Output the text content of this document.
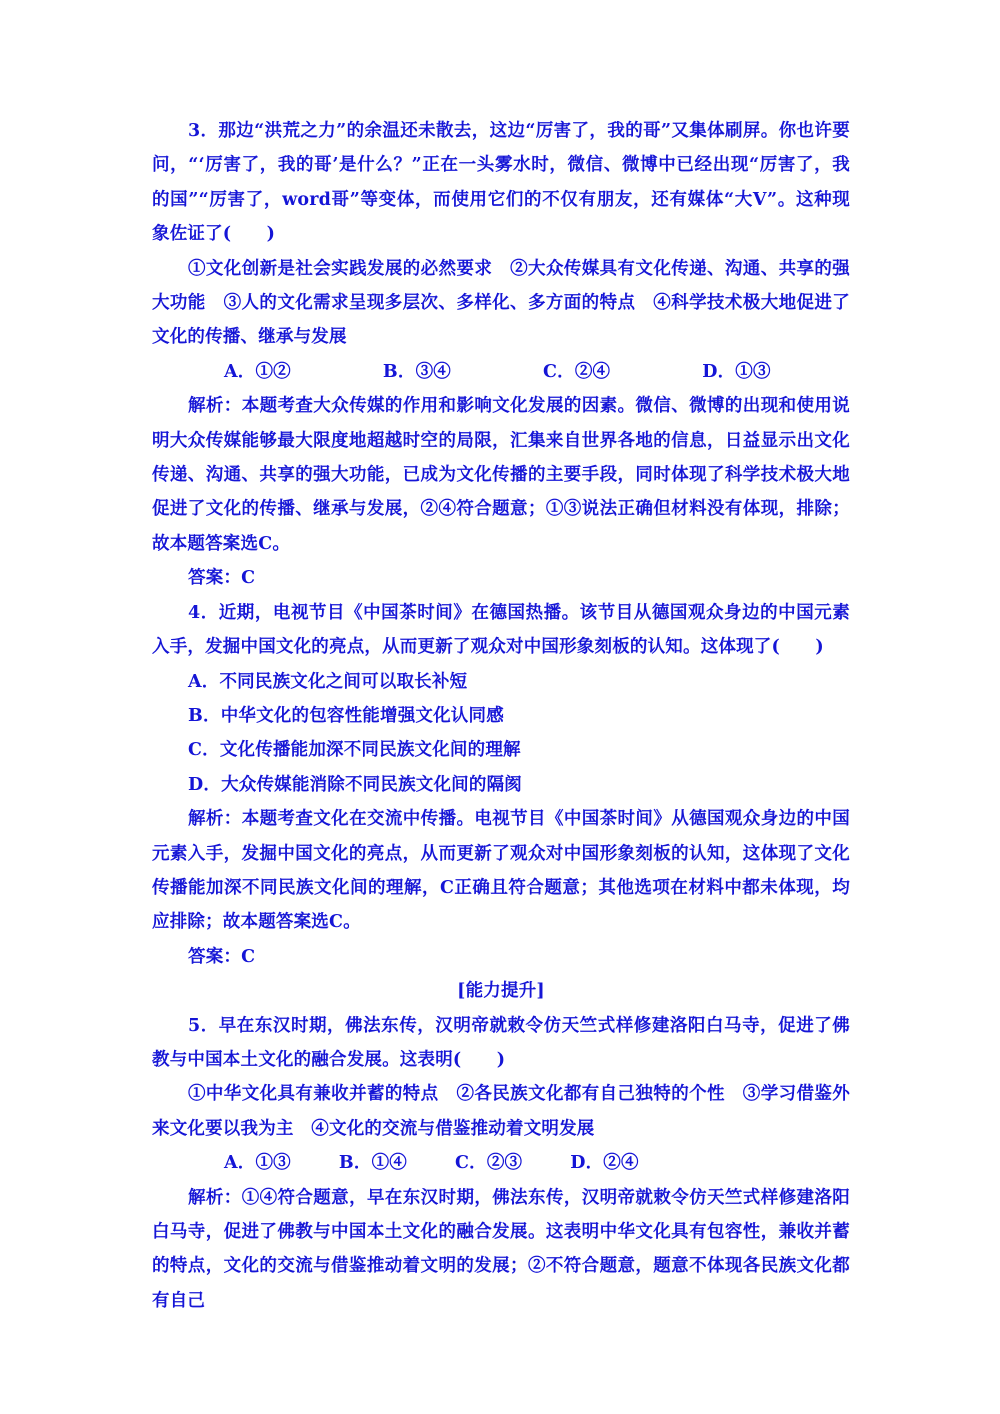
3．那边“洪荒之力”的余温还未散去，这边“厉害了，我的哥”又集体刷屏。你也许要问，“‘厉害了，我的哥’是什么？”正在一头雾水时，微信、微博中已经出现“厉害了，我的国”“厉害了，word哥”等变体，而使用它们的不仅有朋友，还有媒体“大V”。这种现象佐证了(　　)

①文化创新是社会实践发展的必然要求　②大众传媒具有文化传递、沟通、共享的强大功能　③人的文化需求呈现多层次、多样化、多方面的特点　④科学技术极大地促进了文化的传播、继承与发展

A．①②	B．③④	C．②④	D．①③

解析：本题考查大众传媒的作用和影响文化发展的因素。微信、微博的出现和使用说明大众传媒能够最大限度地超越时空的局限，汇集来自世界各地的信息，日益显示出文化传递、沟通、共享的强大功能，已成为文化传播的主要手段，同时体现了科学技术极大地促进了文化的传播、继承与发展，②④符合题意；①③说法正确但材料没有体现，排除；故本题答案选C。

答案：C

4．近期，电视节目《中国茶时间》在德国热播。该节目从德国观众身边的中国元素入手，发掘中国文化的亮点，从而更新了观众对中国形象刻板的认知。这体现了(　　)

A．不同民族文化之间可以取长补短

B．中华文化的包容性能增强文化认同感

C．文化传播能加深不同民族文化间的理解

D．大众传媒能消除不同民族文化间的隔阂

解析：本题考查文化在交流中传播。电视节目《中国茶时间》从德国观众身边的中国元素入手，发掘中国文化的亮点，从而更新了观众对中国形象刻板的认知，这体现了文化传播能加深不同民族文化间的理解，C正确且符合题意；其他选项在材料中都未体现，均应排除；故本题答案选C。

答案：C

[能力提升]

5．早在东汉时期，佛法东传，汉明帝就敕令仿天竺式样修建洛阳白马寺，促进了佛教与中国本土文化的融合发展。这表明(　　)

①中华文化具有兼收并蓄的特点　②各民族文化都有自己独特的个性　③学习借鉴外来文化要以我为主　④文化的交流与借鉴推动着文明发展

A．①③	B．①④	C．②③	D．②④

解析：①④符合题意，早在东汉时期，佛法东传，汉明帝就敕令仿天竺式样修建洛阳白马寺，促进了佛教与中国本土文化的融合发展。这表明中华文化具有包容性，兼收并蓄的特点，文化的交流与借鉴推动着文明的发展；②不符合题意，题意不体现各民族文化都有自己
